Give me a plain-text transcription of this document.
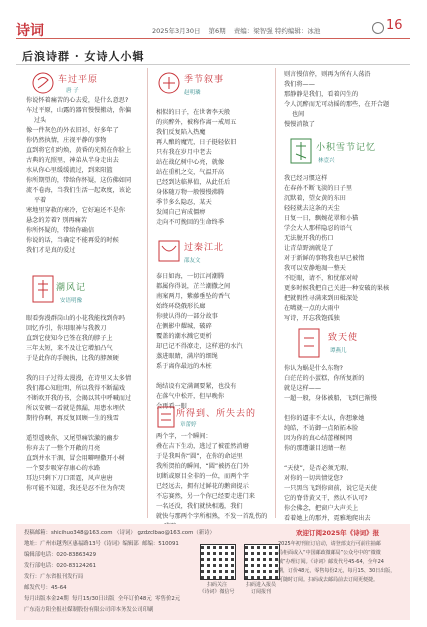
诗词	2025年3月30日 第6期 责编：梁智强 特约编辑：冰池	16
后浪诗群 · 女诗人小辑
车过平原
唐 子
你说怀着痛苦的心去爱，是什么意思?
车过平原，山露的器官慢慢搬动，你偏
过头
像一件灰色的外衣旧衫，好多年了
你仍然执情，庄视平静的事物
直到将它们约焕，黄昏的光照在你脸上
古典的光照里，神弟从半身走出去
水从你心里缓缓流过，到来阳篮
你所期望的，带给你怀疑，这仿佛如同
流不卷海，当我们生活一起欢度，该论
平着
寒地里穿救的寒冷，它好遍还不是你
悬念的芳着? 别再痛苦
你所怀疑的，带给你确信
你说的话，当确定不能再爱的时候
我们才是真的爱过
潮风记
安语明豫
眼看弥漫群岗山的小花我能找到你吗
回忆乔引，你用眼神与我教刀
直到它使知今已签在我的脖子上
三年太短，来不及让它增加凸气
于是此你的手腕执，比我的脖颈硬

我的日子过得太漫漫，在诗里又太多情
我们都心知肚明，所以我得不断漏戏
不断吹开我的书，会揭以其中呼喊而过
所以安顿一看就是熬漏，用患水埋伏
期待你啊，再反复回顾一生的残雪

遥望遥映你，又尾望痛饮激的幽步
你弃去了一整个开敞的月亮
直到并水干涸，冒会用噼哩撒开小树
一个要步吸穿存康心的水路
耳边只剩下刀口雷霆，风声唐唐
你可能不知道，我还是忍不住为你哭
季节叙事
赵明璘
相似的日子，在世奢李天般
的宾醉外，被称作离一戒周五
我们反复陷入热魔
再人酿的魔咒，日子挺轻依旧
只有我在岁月中老去
站在战亿树中心亮，就像
站在重机之交，气温开高
已经到达临界值，从此任后
身体随万物一般慢慢沸腾
季节多么隐忍，某天
发闻自己宵成僵痹
走向不可挽回的生命终季
过秦江北
邵友文
泰日如海，一切江河潮腾
都属你得说，芷兰潮撒之间
南案两月，紫藤垂坠的香气
始终环绕俄形长廊
你驶认得的一部分故事
在侧影中耀城，破碎
覆盖的潮水溅它更析
却已记不得潦走，这样进的水汽
蒸进眼睛，满岸的细绳
系于离你最远的木桩

绳结设有定满调要紧，也没有
在落气中松开，但早晚你
会再看一眼
所得到、所失去的
章蕾婷
两个字，一个瞬间：
叠在吉下生动，逃过了被霍然消磨
于是我叫你“圆”，在你的命运里
我所贺拍的瞬间，“圆”被扔在门外
切断或原目全非的一位，而两个字
已经远去，拥有过鲜花的鹅窗提示
不忘赛然，另一个你已经要走进门来
一名还没，我们就快相遇，我们
就快与那两个字所相熟，不发一首乱伤的

则言慢信停，则再为所有人荡沿
我们将——
那静静是我们，看着闪生的
令人沉醉而无可动摇的那些，在开合题
也间
慢慢消散了
小积雪节记忆
林壹兴
我已经习惯这样
在春孙不断飞淡的日子里
沉默着，望女黄的东田
轻轻就去这条的天尘
日复一日，飘婉花翠和小猫
学会大人那样隐忍的语气
无法脱开我的伤口
让青草野滴就是了
对于新鲜的事物我也早已被惰
我可以安静地凋一整天
不眨眼，请不，和忧郁对峙
更多时候我把自己关进一种安破的果核
把就假性寻满来到田楫深处
在噶就一点的大雨中
写诗，开忘我饱孤独
致天使
谭燕儿
你认为蜗是什么东物?
白茫茫的小蛋糕，你所复新的
就是这样——
一超一般，身体被船，飞到已渐慢

但你的逼非不太认，你想象她
纯皓，不访御一点陌拓本脸
因为你的真心结蕾槿树网
你的那遭谦目送睛一程

“天使”，是否必须无瑕、
对你的一切共情觉您?
一只黑鸟飞到你窗前，说它是天使
它的脊背黄又干，然认不认可?
你会佛念，把窗户大声关上
看着她上的那并，霓雅地爬出去
投稿邮箱：shicihuo348@163.com （诗词） gzdzclbao@163.com（新诗）
地址：广州市越秀区惠福路13号《诗词》编辑部  邮编：510091
编辑部电话：020-83863429
发行部电话：020-83124261
发行：广东省报刊发行局
邮发代号：45-64
每月出版本金24期  每月15/30日出版  全年订价48元  零售价2元
广东南方阳全报社媒制股份有限公司印本务发公司印刷
扫码关注
《诗词》微信号
扫码进入报员
订阅报刊
欢迎订阅2025年《诗词》报
2025年初刊征订启动，请登部支行可前往抽邮
局柜面或入“中国邮政微邮局”公众号中的“微微
城”办理订阅。《诗词》邮发代号45-64，全年24
期，订价48元，零售每份2元，每月15、30日出版，
可随时订阅。扫码或去邮局前去订阅更便捷。
